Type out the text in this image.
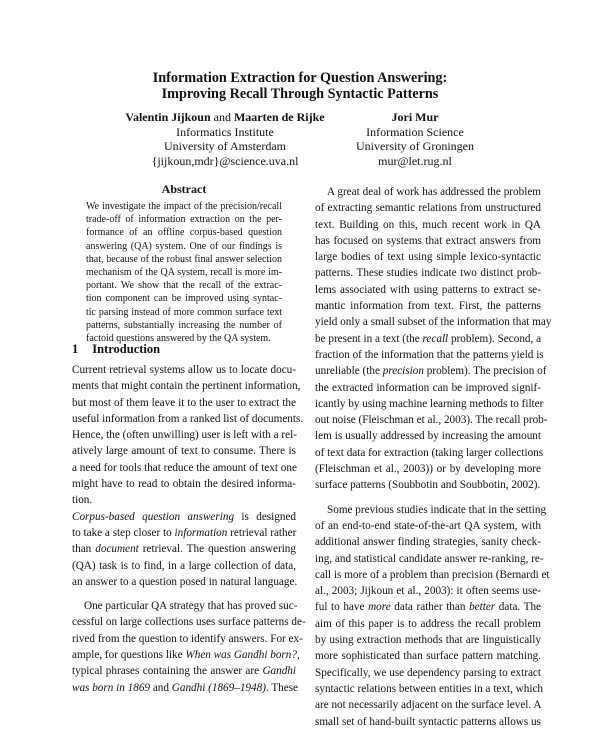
Information Extraction for Question Answering:
Improving Recall Through Syntactic Patterns
Valentin Jijkoun and Maarten de Rijke
Informatics Institute
University of Amsterdam
{jijkoun,mdr}@science.uva.nl
Jori Mur
Information Science
University of Groningen
mur@let.rug.nl
Abstract
We investigate the impact of the precision/recall
trade-off of information extraction on the per-
formance of an offline corpus-based question
answering (QA) system. One of our findings is
that, because of the robust final answer selection
mechanism of the QA system, recall is more im-
portant. We show that the recall of the extrac-
tion component can be improved using syntac-
tic parsing instead of more common surface text
patterns, substantially increasing the number of
factoid questions answered by the QA system.
1 Introduction
Current retrieval systems allow us to locate docu-
ments that might contain the pertinent information,
but most of them leave it to the user to extract the
useful information from a ranked list of documents.
Hence, the (often unwilling) user is left with a rel-
atively large amount of text to consume. There is
a need for tools that reduce the amount of text one
might have to read to obtain the desired informa-
tion.
Corpus-based question answering is designed
to take a step closer to information retrieval rather
than document retrieval. The question answering
(QA) task is to find, in a large collection of data,
an answer to a question posed in natural language.
One particular QA strategy that has proved suc-
cessful on large collections uses surface patterns de-
rived from the question to identify answers. For ex-
ample, for questions like When was Gandhi born?,
typical phrases containing the answer are Gandhi
was born in 1869 and Gandhi (1869–1948). These
A great deal of work has addressed the problem
of extracting semantic relations from unstructured
text. Building on this, much recent work in QA
has focused on systems that extract answers from
large bodies of text using simple lexico-syntactic
patterns. These studies indicate two distinct prob-
lems associated with using patterns to extract se-
mantic information from text. First, the patterns
yield only a small subset of the information that may
be present in a text (the recall problem). Second, a
fraction of the information that the patterns yield is
unreliable (the precision problem). The precision of
the extracted information can be improved signif-
icantly by using machine learning methods to filter
out noise (Fleischman et al., 2003). The recall prob-
lem is usually addressed by increasing the amount
of text data for extraction (taking larger collections
(Fleischman et al., 2003)) or by developing more
surface patterns (Soubbotin and Soubbotin, 2002).
Some previous studies indicate that in the setting
of an end-to-end state-of-the-art QA system, with
additional answer finding strategies, sanity check-
ing, and statistical candidate answer re-ranking, re-
call is more of a problem than precision (Bernardi et
al., 2003; Jijkoun et al., 2003): it often seems use-
ful to have more data rather than better data. The
aim of this paper is to address the recall problem
by using extraction methods that are linguistically
more sophisticated than surface pattern matching.
Specifically, we use dependency parsing to extract
syntactic relations between entities in a text, which
are not necessarily adjacent on the surface level. A
small set of hand-built syntactic patterns allows us
